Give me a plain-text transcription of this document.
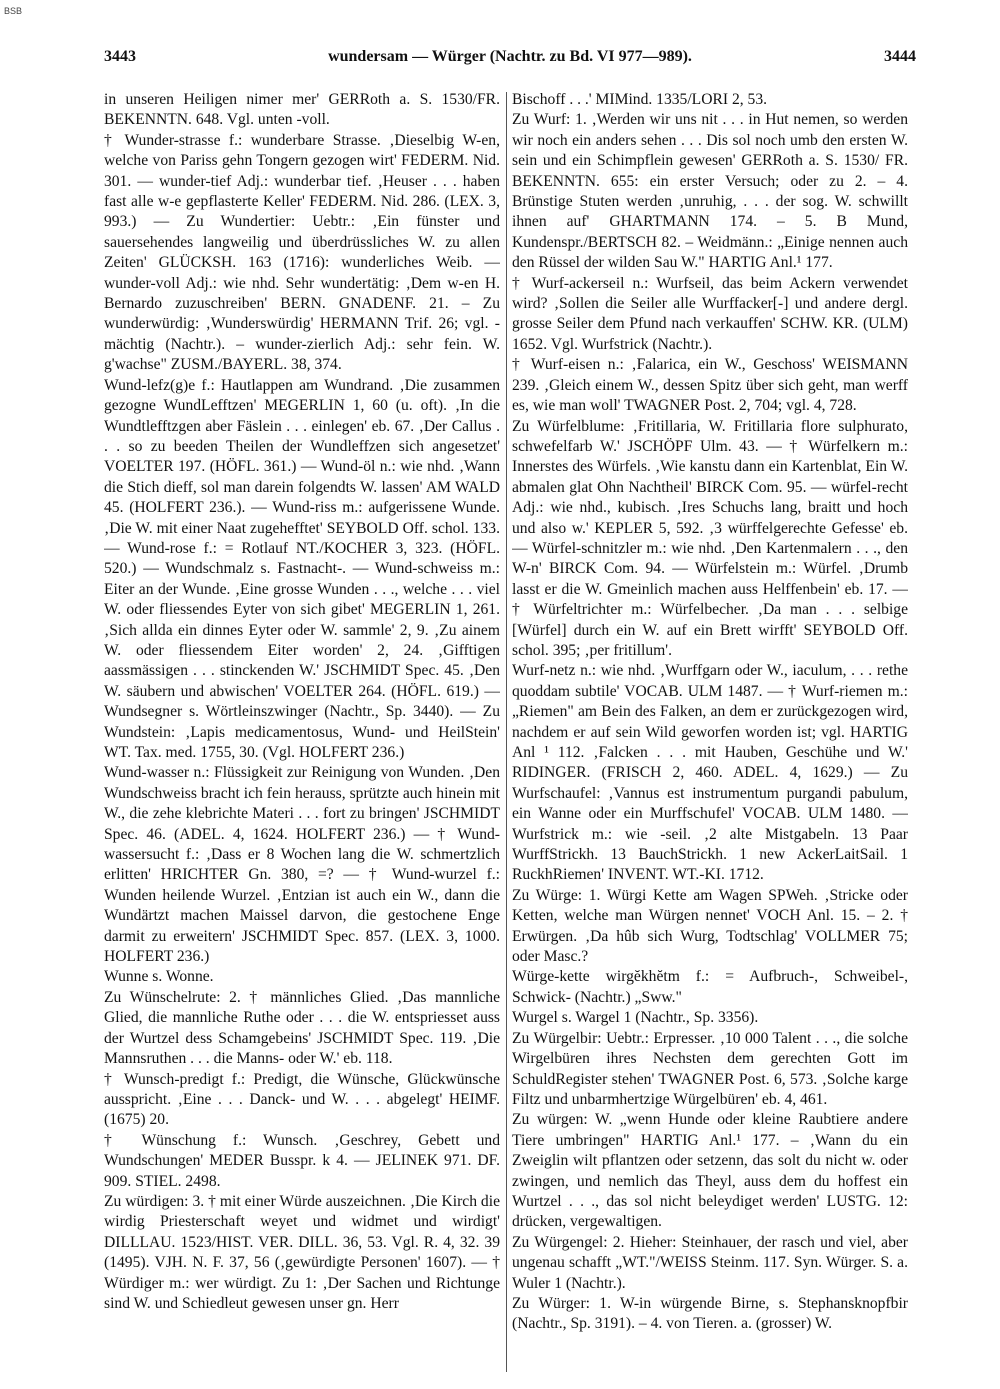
BSB
3443	wundersam — Würger (Nachtr. zu Bd. VI 977—989).	3444

in unseren Heiligen nimer mer' GERRoth a. S. 1530/FR. BEKENNTN. 648. Vgl. unten -voll.

† Wunder-strasse f.: wunderbare Strasse. ‚Dieselbig W-en, welche von Pariss gehn Tongern gezogen wirt' FEDERM. Nid. 301. — wunder-tief Adj.: wunderbar tief. ‚Heuser . . . haben fast alle w-e gepflasterte Keller' FEDERM. Nid. 286. (LEX. 3, 993.) — Zu Wundertier: Uebtr.: ‚Ein fünster und sauersehendes langweilig und überdrüssliches W. zu allen Zeiten' GLÜCKSH. 163 (1716): wunderliches Weib. — wunder-voll Adj.: wie nhd. Sehr wundertätig: ‚Dem w-en H. Bernardo zuzuschreiben' BERN. GNADENF. 21. – Zu wunderwürdig: ‚Wunderswürdig' HERMANN Trif. 26; vgl. -mächtig (Nachtr.). – wunder-zierlich Adj.: sehr fein. W. g'wachse" ZUSM./BAYERL. 38, 374.

Wund-lefz(g)e f.: Hautlappen am Wundrand. ‚Die zusammen gezogne WundLefftzen' MEGERLIN 1, 60 (u. oft). ‚In die Wundtlefftzgen aber Fäslein . . . einlegen' eb. 67. ‚Der Callus . . . so zu beeden Theilen der Wundleffzen sich angesetzet' VOELTER 197. (HÖFL. 361.) — Wund-öl n.: wie nhd. ‚Wann die Stich dieff, sol man darein folgendts W. lassen' AM WALD 45. (HOLFERT 236.). — Wund-riss m.: aufgerissene Wunde. ‚Die W. mit einer Naat zugehefftet' SEYBOLD Off. schol. 133. — Wund-rose f.: = Rotlauf NT./KOCHER 3, 323. (HÖFL. 520.) — Wundschmalz s. Fastnacht-. — Wund-schweiss m.: Eiter an der Wunde. ‚Eine grosse Wunden . . ., welche . . . viel W. oder fliessendes Eyter von sich gibet' MEGERLIN 1, 261. ‚Sich allda ein dinnes Eyter oder W. sammle' 2, 9. ‚Zu ainem W. oder fliessendem Eiter worden' 2, 24. ‚Gifftigen aassmässigen . . . stinckenden W.' JSCHMIDT Spec. 45. ‚Den W. säubern und abwischen' VOELTER 264. (HÖFL. 619.) — Wundsegner s. Wörtleinszwinger (Nachtr., Sp. 3440). — Zu Wundstein: ‚Lapis medicamentosus, Wund- und HeilStein' WT. Tax. med. 1755, 30. (Vgl. HOLFERT 236.)

Wund-wasser n.: Flüssigkeit zur Reinigung von Wunden. ‚Den Wundschweiss bracht ich fein herauss, sprützte auch hinein mit W., die zehe klebrichte Materi . . . fort zu bringen' JSCHMIDT Spec. 46. (ADEL. 4, 1624. HOLFERT 236.) — † Wund-wassersucht f.: ‚Dass er 8 Wochen lang die W. schmertzlich erlitten' HRICHTER Gn. 380, =? — † Wund-wurzel f.: Wunden heilende Wurzel. ‚Entzian ist auch ein W., dann die Wundärtzt machen Maissel darvon, die gestochene Enge darmit zu erweitern' JSCHMIDT Spec. 857. (LEX. 3, 1000. HOLFERT 236.)

Wunne s. Wonne.

Zu Wünschelrute: 2. † männliches Glied. ‚Das mannliche Glied, die mannliche Ruthe oder . . . die W. entspriesset auss der Wurtzel dess Schamgebeins' JSCHMIDT Spec. 119. ‚Die Mannsruthen . . . die Manns- oder W.' eb. 118.

† Wunsch-predigt f.: Predigt, die Wünsche, Glückwünsche ausspricht. ‚Eine . . . Danck- und W. . . . abgelegt' HEIMF. (1675) 20.

† Wünschung f.: Wunsch. ‚Geschrey, Gebett und Wundschungen' MEDER Busspr. k 4. — JELINEK 971. DF. 909. STIEL. 2498.

Zu würdigen: 3. † mit einer Würde auszeichnen. ‚Die Kirch die wirdig Priesterschaft weyet und widmet und wirdigt' DILLLAU. 1523/HIST. VER. DILL. 36, 53. Vgl. R. 4, 32. 39 (1495). VJH. N. F. 37, 56 (‚gewürdigte Personen' 1607). — † Würdiger m.: wer würdigt. Zu 1: ‚Der Sachen und Richtunge sind W. und Schiedleut gewesen unser gn. Herr

Bischoff . . .' MIMind. 1335/LORI 2, 53.

Zu Wurf: 1. ‚Werden wir uns nit . . . in Hut nemen, so werden wir noch ein anders sehen . . . Dis sol noch umb den ersten W. sein und ein Schimpflein gewesen' GERRoth a. S. 1530/ FR. BEKENNTN. 655: ein erster Versuch; oder zu 2. – 4. Brünstige Stuten werden ‚unruhig, . . . der sog. W. schwillt ihnen auf' GHARTMANN 174. – 5. B Mund, Kundenspr./BERTSCH 82. – Weidmänn.: „Einige nennen auch den Rüssel der wilden Sau W." HARTIG Anl.¹ 177.

† Wurf-ackerseil n.: Wurfseil, das beim Ackern verwendet wird? ‚Sollen die Seiler alle Wurffacker[-] und andere dergl. grosse Seiler dem Pfund nach verkauffen' SCHW. KR. (ULM) 1652. Vgl. Wurfstrick (Nachtr.).

† Wurf-eisen n.: ‚Falarica, ein W., Geschoss' WEISMANN 239. ‚Gleich einem W., dessen Spitz über sich geht, man werff es, wie man woll' TWAGNER Post. 2, 704; vgl. 4, 728.

Zu Würfelblume: ‚Fritillaria, W. Fritillaria flore sulphurato, schwefelfarb W.' JSCHÖPF Ulm. 43. — † Würfelkern m.: Innerstes des Würfels. ‚Wie kanstu dann ein Kartenblat, Ein W. abmalen glat Ohn Nachtheil' BIRCK Com. 95. — würfel-recht Adj.: wie nhd., kubisch. ‚Ires Schuchs lang, braitt und hoch und also w.' KEPLER 5, 592. ‚3 würffelgerechte Gefesse' eb. — Würfel-schnitzler m.: wie nhd. ‚Den Kartenmalern . . ., den W-n' BIRCK Com. 94. — Würfelstein m.: Würfel. ‚Drumb lasst er die W. Gmeinlich machen auss Helffenbein' eb. 17. — † Würfeltrichter m.: Würfelbecher. ‚Da man . . . selbige [Würfel] durch ein W. auf ein Brett wirfft' SEYBOLD Off. schol. 395; ‚per fritillum'.

Wurf-netz n.: wie nhd. ‚Wurffgarn oder W., iaculum, . . . rethe quoddam subtile' VOCAB. ULM 1487. — † Wurf-riemen m.: „Riemen" am Bein des Falken, an dem er zurückgezogen wird, nachdem er auf sein Wild geworfen worden ist; vgl. HARTIG Anl ¹ 112. ‚Falcken . . . mit Hauben, Geschühe und W.' RIDINGER. (FRISCH 2, 460. ADEL. 4, 1629.) — Zu Wurfschaufel: ‚Vannus est instrumentum purgandi pabulum, ein Wanne oder ein Murffschufel' VOCAB. ULM 1480. — Wurfstrick m.: wie -seil. ‚2 alte Mistgabeln. 13 Paar WurffStrickh. 13 BauchStrickh. 1 new AckerLaitSail. 1 RuckhRiemen' INVENT. WT.-KI. 1712.

Zu Würge: 1. Würgi Kette am Wagen SPWeh. ‚Stricke oder Ketten, welche man Würgen nennet' VOCH Anl. 15. – 2. † Erwürgen. ‚Da hûb sich Wurg, Todtschlag' VOLLMER 75; oder Masc.?

Würge-kette wirgĕkhĕtm f.: = Aufbruch-, Schweibel-, Schwick- (Nachtr.) „Sww."

Wurgel s. Wargel 1 (Nachtr., Sp. 3356).

Zu Würgelbir: Uebtr.: Erpresser. ‚10 000 Talent . . ., die solche Wirgelbüren ihres Nechsten dem gerechten Gott im SchuldRegister stehen' TWAGNER Post. 6, 573. ‚Solche karge Filtz und unbarmhertzige Würgelbüren' eb. 4, 461.

Zu würgen: W. „wenn Hunde oder kleine Raubtiere andere Tiere umbringen" HARTIG Anl.¹ 177. – ‚Wann du ein Zweiglin wilt pflantzen oder setzenn, das solt du nicht w. oder zwingen, und nemlich das Theyl, auss dem du hoffest ein Wurtzel . . ., das sol nicht beleydiget werden' LUSTG. 12: drücken, vergewaltigen.

Zu Würgengel: 2. Hieher: Steinhauer, der rasch und viel, aber ungenau schafft „WT."/WEISS Steinm. 117. Syn. Würger. S. a. Wuler 1 (Nachtr.).

Zu Würger: 1. W-in würgende Birne, s. Stephansknopfbir (Nachtr., Sp. 3191). – 4. von Tieren. a. (grosser) W.
